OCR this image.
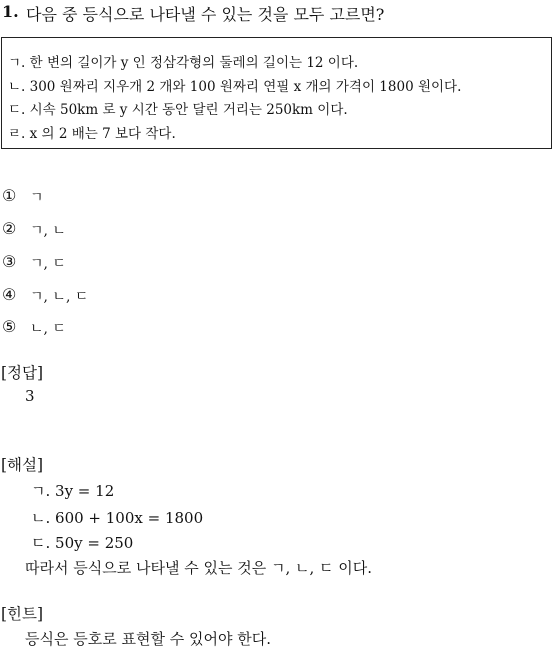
1. 다음 중 등식으로 나타낼 수 있는 것을 모두 고르면?
ㄱ. 한 변의 길이가 y 인 정삼각형의 둘레의 길이는 12 이다.
ㄴ. 300 원짜리 지우개 2 개와 100 원짜리 연필 x 개의 가격이 1800 원이다.
ㄷ. 시속 50km 로 y 시간 동안 달린 거리는 250km 이다.
ㄹ. x 의 2 배는 7 보다 작다.
① ㄱ
② ㄱ, ㄴ
③ ㄱ, ㄷ
④ ㄱ, ㄴ, ㄷ
⑤ ㄴ, ㄷ
[정답]
3
[해설]
ㄱ. 3y = 12
ㄴ. 600 + 100x = 1800
ㄷ. 50y = 250
따라서 등식으로 나타낼 수 있는 것은 ㄱ, ㄴ, ㄷ 이다.
[힌트]
등식은 등호로 표현할 수 있어야 한다.
